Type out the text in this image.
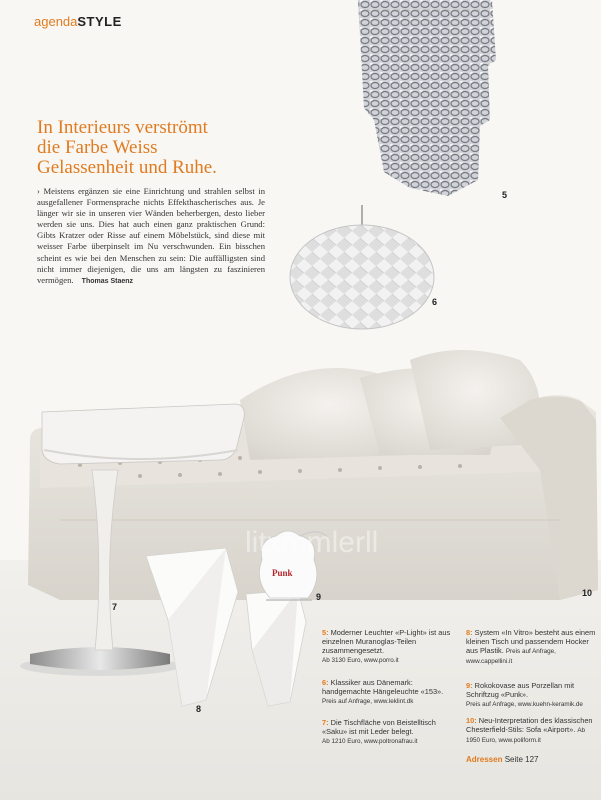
litxmmlerll
Punk
agendaSTYLE
In Interieurs verströmt
die Farbe Weiss
Gelassenheit und Ruhe.
› Meistens ergänzen sie eine Einrichtung und strahlen selbst in ausgefallener Formensprache nichts Effekthascherisches aus. Je länger wir sie in unseren vier Wänden beherbergen, desto lieber werden sie uns. Dies hat auch einen ganz praktischen Grund: Gibts Kratzer oder Risse auf einem Möbelstück, sind diese mit weisser Farbe überpinselt im Nu verschwunden. Ein bisschen scheint es wie bei den Menschen zu sein: Die auffälligsten sind nicht immer diejenigen, die uns am längsten zu faszinieren vermögen. Thomas Staenz
5
6
7
8
9	10
5: Moderner Leuchter «P-Light» ist aus einzelnen Muranoglas-Teilen zusammengesetzt.
Ab 3130 Euro, www.porro.it
6: Klassiker aus Dänemark: handgemachte Hängeleuchte «153».
Preis auf Anfrage, www.leklint.dk
7: Die Tischfläche von Beistelltisch «Saku» ist mit Leder belegt.
Ab 1210 Euro, www.poltronafrau.it
8: System «In Vitro» besteht aus einem kleinen Tisch und passendem Hocker aus Plastik. Preis auf Anfrage, www.cappellini.it
9: Rokokovase aus Porzellan mit Schriftzug «Punk».
Preis auf Anfrage, www.kuehn-keramik.de
10: Neu-Interpretation des klassischen Chesterfield-Stils: Sofa «Airport». Ab 1950 Euro, www.poliform.it
Adressen Seite 127
